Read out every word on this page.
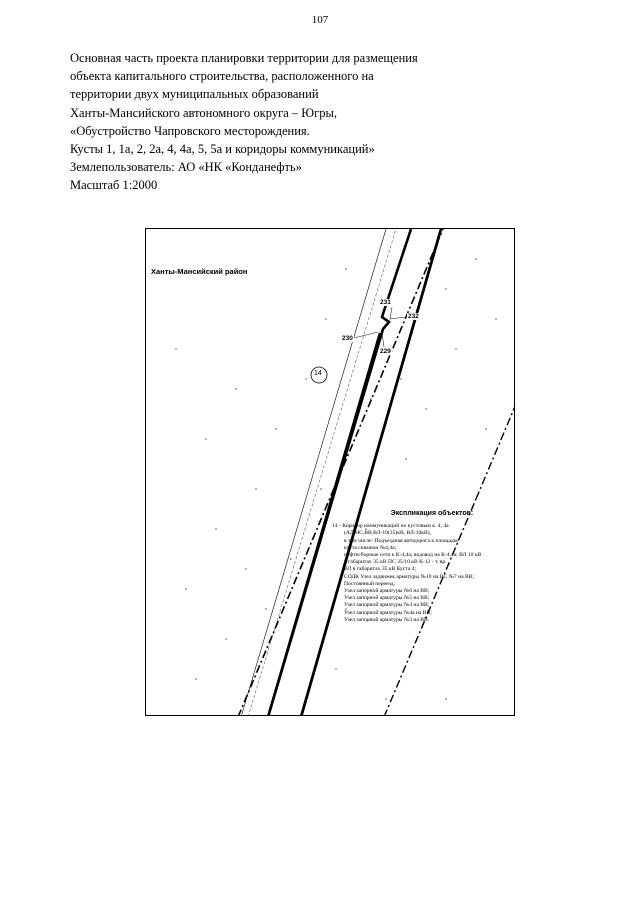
107
Основная часть проекта планировки территории для размещения
объекта капитального строительства, расположенного на
территории двух муниципальных образований
Ханты-Мансийского автономного округа – Югры,
«Обустройство Чапровского месторождения.
Кусты 1, 1а, 2, 2а, 4, 4а, 5, 5а и коридоры коммуникаций»
Землепользователь: АО «НК «Конданефть»
Масштаб 1:2000
Ханты-Мансийский район
14
231
232
230
229
Экспликация объектов:
14 - Коридор коммуникаций по кустовым к. 4, 4а
(АД,НС,ВВ,ВЛ-10(35)кВ, ВЛ-10кВ),
в том числе: Подъездная автодорога к площадке
куста скважин №4,4а;
нефтесборные сети к К-4,4а; водовод на К-4,4а; ВЛ 10 кВ
в габаритах 35 кВ ПС 35/10 кВ К-12 - т. вр.
ВЛ в габаритах 35 кВ Куста 4;
СОДК Узел задвижек арматуры №10 на ВС №7 на ВВ;
Постоянный переезд;
Узел запорной арматуры №6 на ВВ;
Узел запорной арматуры №5 на ВВ;
Узел запорной арматуры №4 на ВВ;
Узел запорной арматуры №4а на ВВ;
Узел запорной арматуры №3 на ВВ.
